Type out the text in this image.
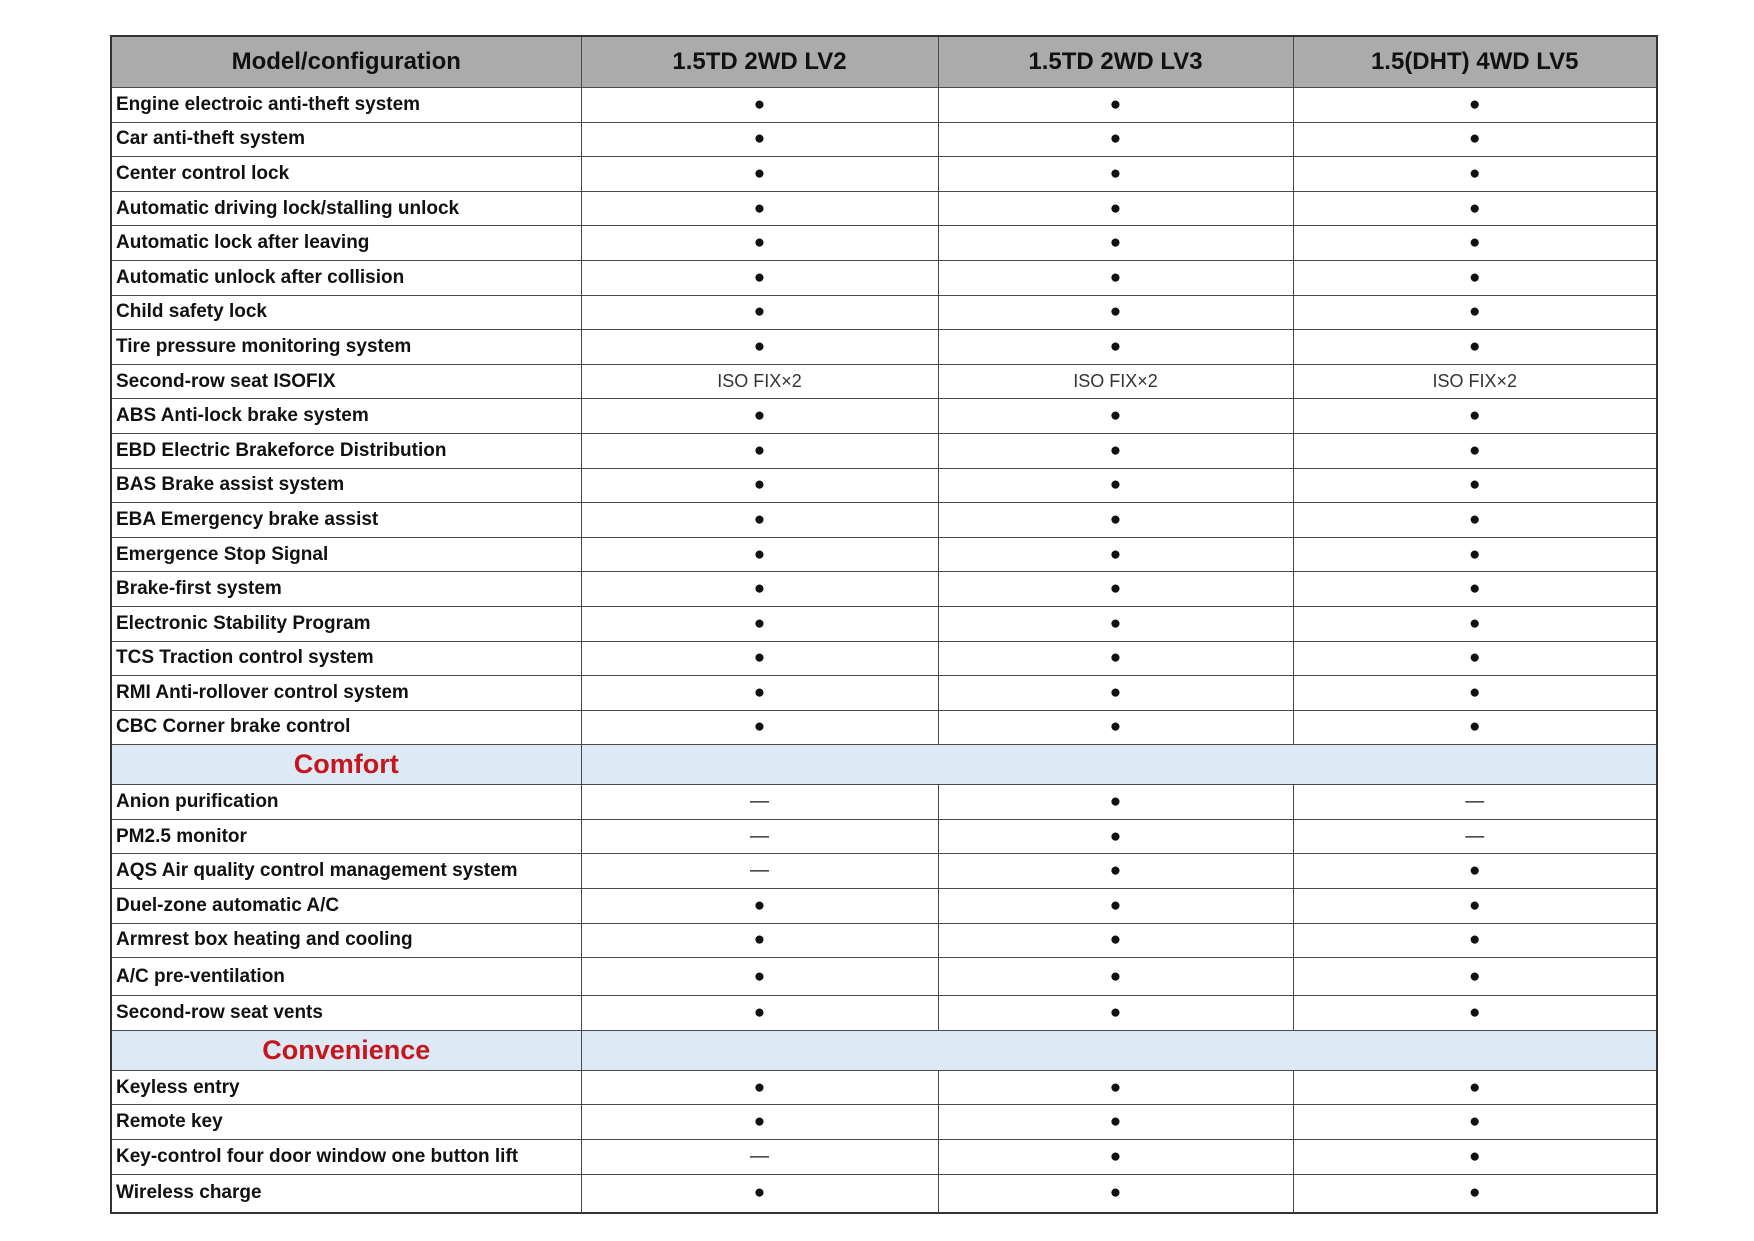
Model/configuration	1.5TD 2WD LV2	1.5TD 2WD LV3	1.5(DHT) 4WD LV5
Engine electroic anti-theft system	●	●	●
Car anti-theft system	●	●	●
Center control lock	●	●	●
Automatic driving lock/stalling unlock	●	●	●
Automatic lock after leaving	●	●	●
Automatic unlock after collision	●	●	●
Child safety lock	●	●	●
Tire pressure monitoring system	●	●	●
Second-row seat ISOFIX	ISO FIX×2	ISO FIX×2	ISO FIX×2
ABS Anti-lock brake system	●	●	●
EBD Electric Brakeforce Distribution	●	●	●
BAS Brake assist system	●	●	●
EBA Emergency brake assist	●	●	●
Emergence Stop Signal	●	●	●
Brake-first system	●	●	●
Electronic Stability Program	●	●	●
TCS Traction control system	●	●	●
RMI Anti-rollover control system	●	●	●
CBC Corner brake control	●	●	●
Comfort			
Anion purification	—	●	—
PM2.5 monitor	—	●	—
AQS Air quality control management system	—	●	●
Duel-zone automatic A/C	●	●	●
Armrest box heating and cooling	●	●	●
A/C pre-ventilation	●	●	●
Second-row seat vents	●	●	●
Convenience			
Keyless entry	●	●	●
Remote key	●	●	●
Key-control four door window one button lift	—	●	●
Wireless charge	●	●	●
